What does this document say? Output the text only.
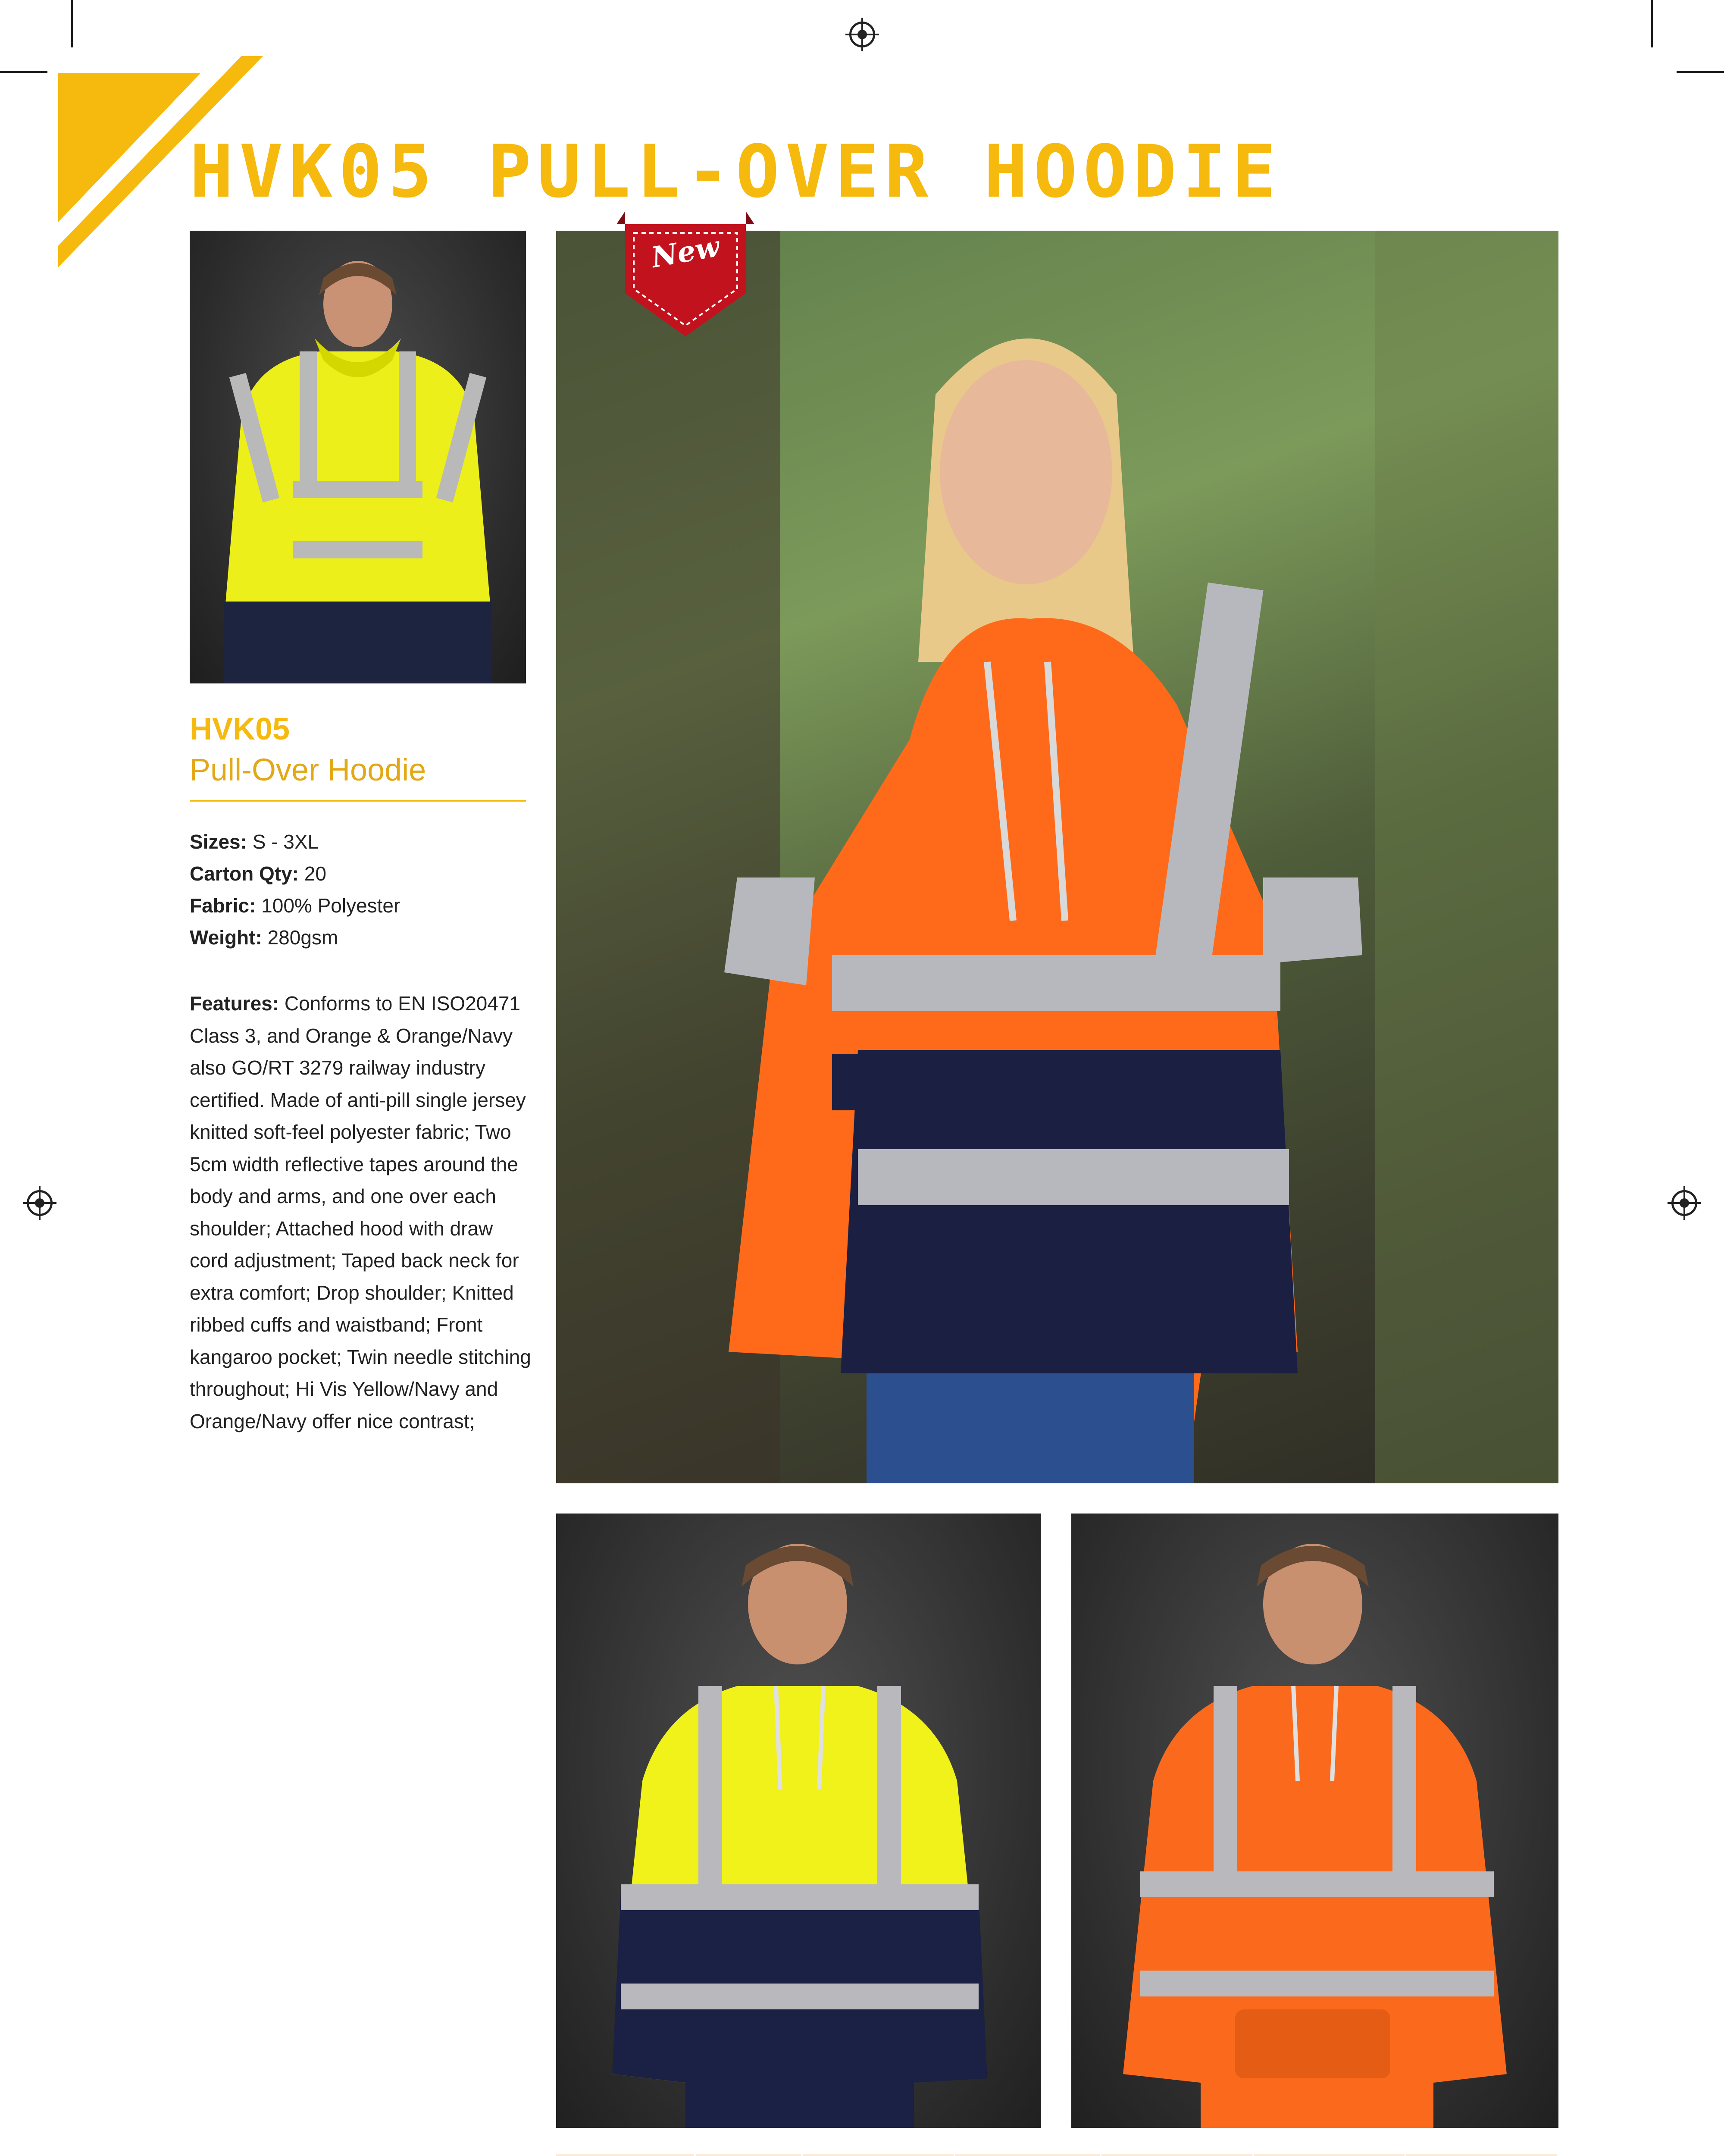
HVK05 PULL-OVER HOODIE
HVK05
Pull-Over Hoodie
Sizes: S - 3XL
Carton Qty: 20
Fabric: 100% Polyester
Weight: 280gsm
Features: Conforms to EN ISO20471 Class 3, and Orange & Orange/Navy also GO/RT 3279 railway industry certified. Made of anti-pill single jersey knitted soft-feel polyester fabric; Two 5cm width reflective tapes around the body and arms, and one over each shoulder; Attached hood with draw cord adjustment; Taped back neck for extra comfort; Drop shoulder; Knitted ribbed cuffs and waistband; Front kangaroo pocket; Twin needle stitching throughout; Hi Vis Yellow/Navy and Orange/Navy offer nice contrast;
New
